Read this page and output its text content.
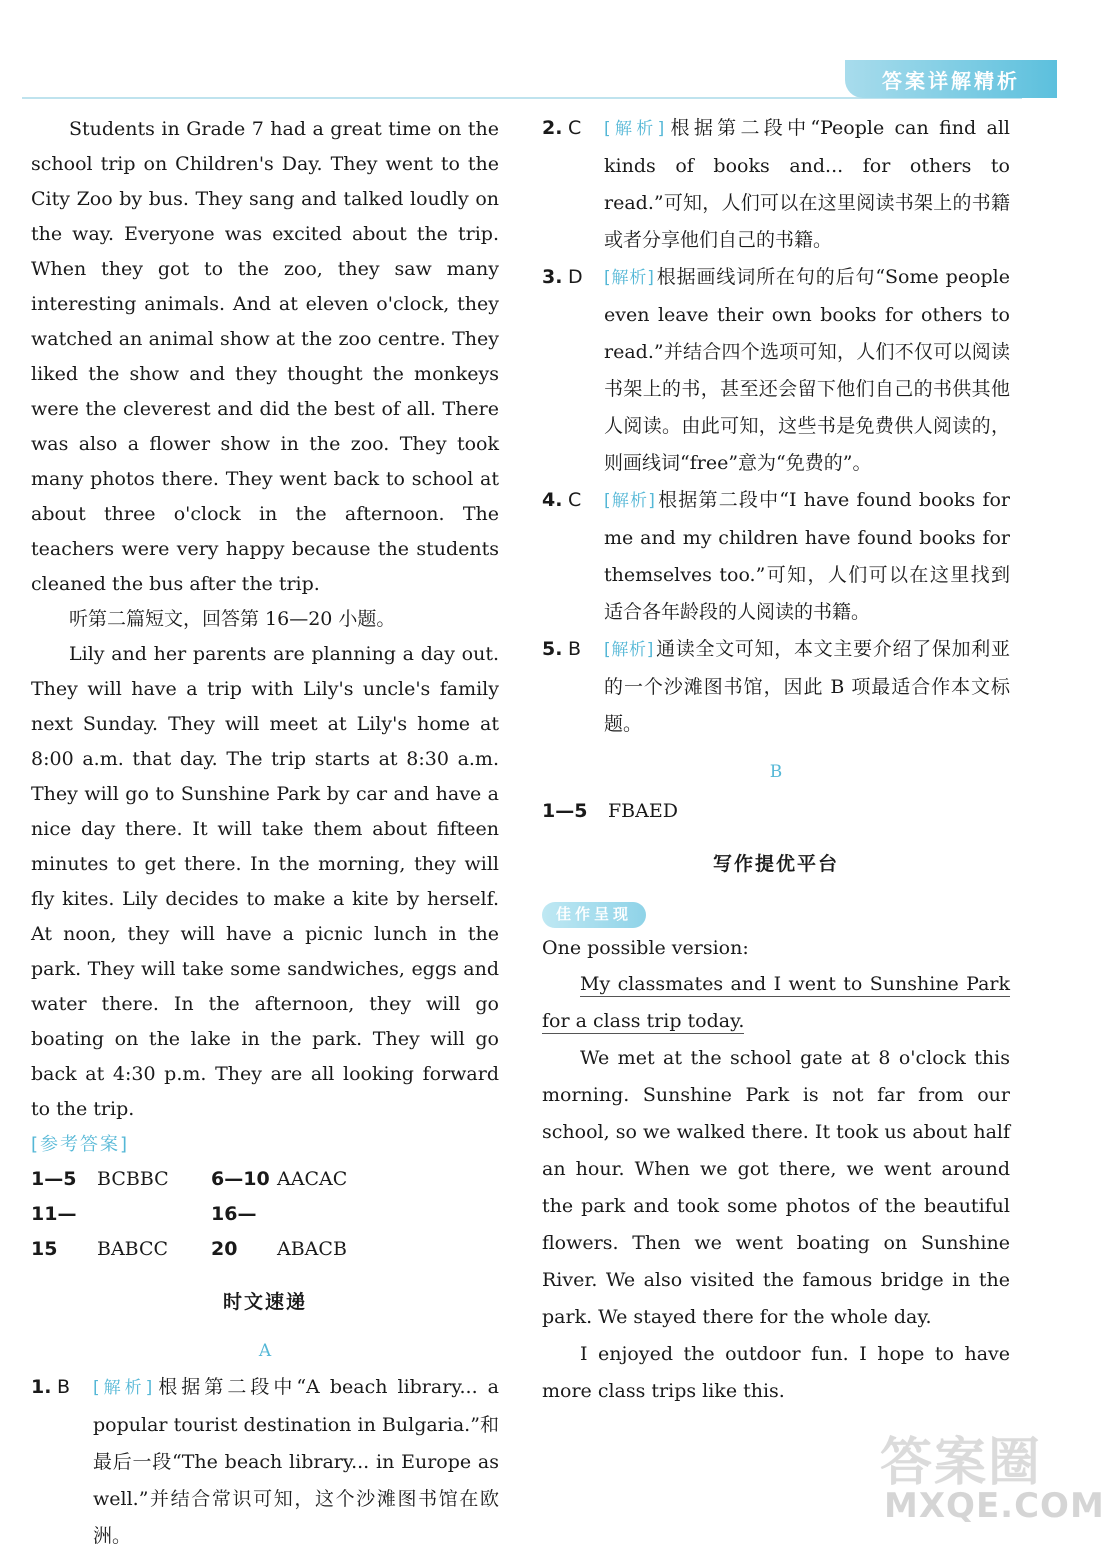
答案详解精析

Students in Grade 7 had a great time on the school trip on Children's Day. They went to the City Zoo by bus. They sang and talked loudly on the way. Everyone was excited about the trip. When they got to the zoo, they saw many interesting animals. And at eleven o'clock, they watched an animal show at the zoo centre. They liked the show and they thought the monkeys were the cleverest and did the best of all. There was also a flower show in the zoo. They took many photos there. They went back to school at about three o'clock in the afternoon. The teachers were very happy because the students cleaned the bus after the trip.

听第二篇短文，回答第 16—20 小题。

Lily and her parents are planning a day out. They will have a trip with Lily's uncle's family next Sunday. They will meet at Lily's home at 8:00 a.m. that day. The trip starts at 8:30 a.m. They will go to Sunshine Park by car and have a nice day there. It will take them about fifteen minutes to get there. In the morning, they will fly kites. Lily decides to make a kite by herself. At noon, they will have a picnic lunch in the park. They will take some sandwiches, eggs and water there. In the afternoon, they will go boating on the lake in the park. They will go back at 4:30 p.m. They are all looking forward to the trip.

[参考答案]

1—5 BCBBC	6—10 AACAC
11—15 BABCC
16—20 ABACB

时文速递

A

1. B	[解析] 根据第二段中“A beach library... a popular tourist destination in Bulgaria.”和最后一段“The beach library... in Europe as well.”并结合常识可知，这个沙滩图书馆在欧洲。
2. C	[解析] 根据第二段中“People can find all kinds of books and... for others to read.”可知，人们可以在这里阅读书架上的书籍或者分享他们自己的书籍。
3. D	[解析] 根据画线词所在句的后句“Some people even leave their own books for others to read.”并结合四个选项可知，人们不仅可以阅读书架上的书，甚至还会留下他们自己的书供其他人阅读。由此可知，这些书是免费供人阅读的，则画线词“free”意为“免费的”。
4. C	[解析] 根据第二段中“I have found books for me and my children have found books for themselves too.”可知，人们可以在这里找到适合各年龄段的人阅读的书籍。
5. B	[解析] 通读全文可知，本文主要介绍了保加利亚的一个沙滩图书馆，因此 B 项最适合作本文标题。

B

1—5 FBAED

写作提优平台

佳作呈现

One possible version:

My classmates and I went to Sunshine Park for a class trip today.

We met at the school gate at 8 o'clock this morning. Sunshine Park is not far from our school, so we walked there. It took us about half an hour. When we got there, we went around the park and took some photos of the beautiful flowers. Then we went boating on Sunshine River. We also visited the famous bridge in the park. We stayed there for the whole day.

I enjoyed the outdoor fun. I hope to have more class trips like this.

答案圈
MXQE.COM
